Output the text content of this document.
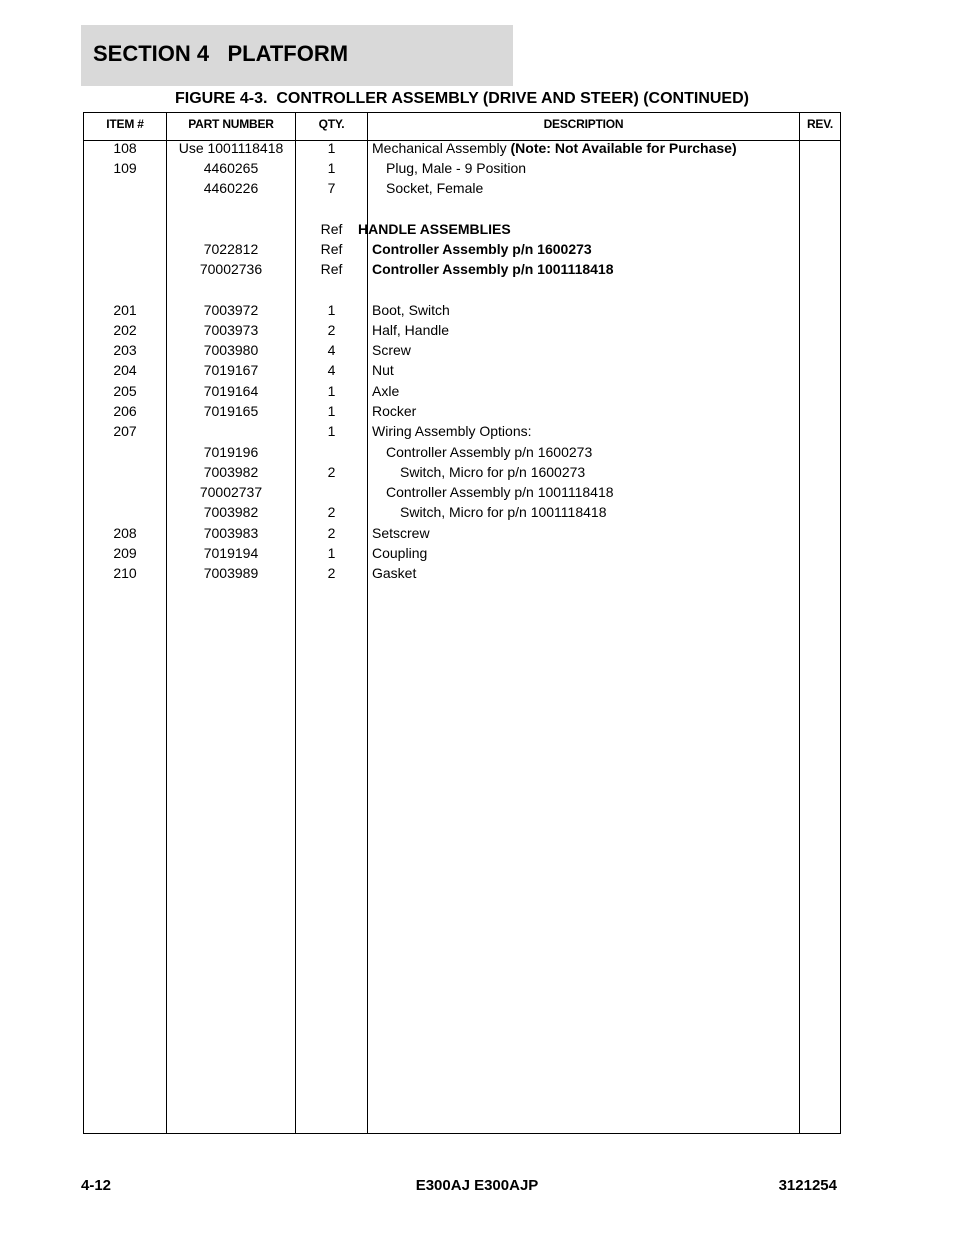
SECTION 4   PLATFORM
FIGURE 4-3.  CONTROLLER ASSEMBLY (DRIVE AND STEER) (CONTINUED)
ITEM #	PART NUMBER	QTY.	DESCRIPTION	REV.
108	Use 1001118418	1	Mechanical Assembly (Note: Not Available for Purchase)
109	4460265	1	Plug, Male - 9 Position
4460226	7	Socket, Female
Ref	HANDLE ASSEMBLIES
7022812	Ref	Controller Assembly p/n 1600273
70002736	Ref	Controller Assembly p/n 1001118418
201	7003972	1	Boot, Switch
202	7003973	2	Half, Handle
203	7003980	4	Screw
204	7019167	4	Nut
205	7019164	1	Axle
206	7019165	1	Rocker
207	1	Wiring Assembly Options:
7019196	Controller Assembly p/n 1600273
7003982	2	Switch, Micro for p/n 1600273
70002737	Controller Assembly p/n 1001118418
7003982	2	Switch, Micro for p/n 1001118418
208	7003983	2	Setscrew
209	7019194	1	Coupling
210	7003989	2	Gasket
4-12	E300AJ E300AJP	3121254
